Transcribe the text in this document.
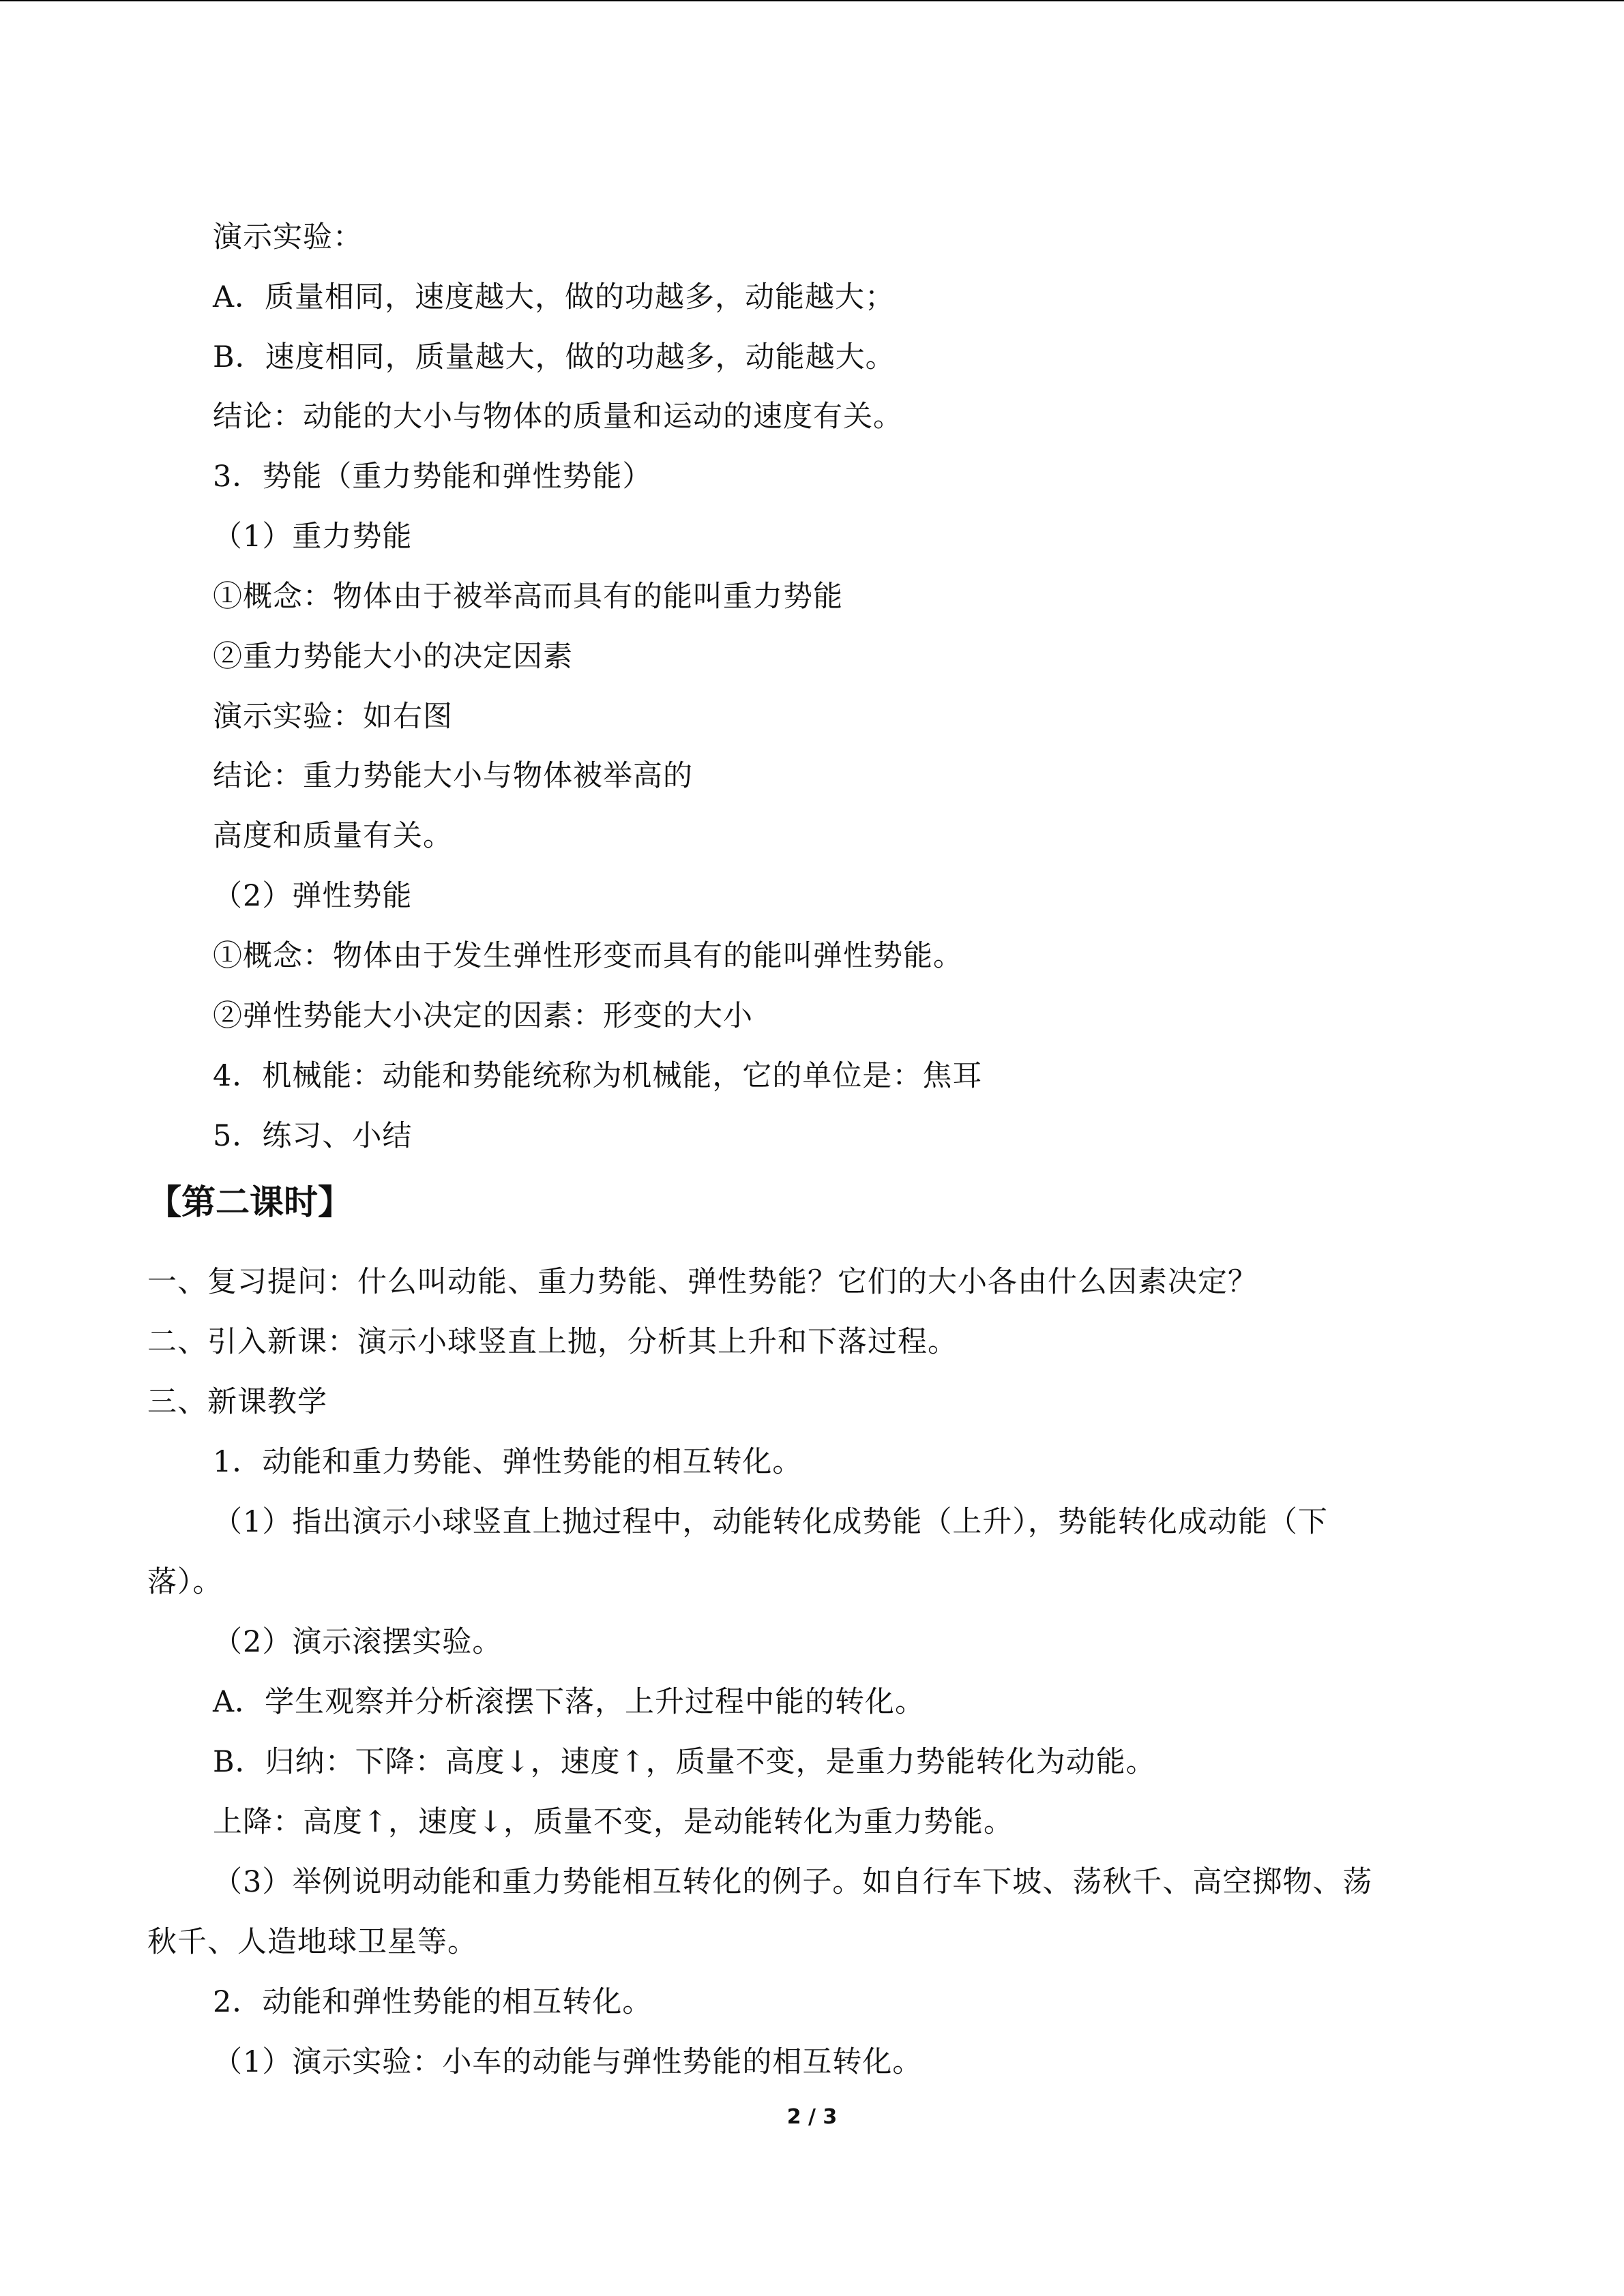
演示实验：
A．质量相同，速度越大，做的功越多，动能越大；
B．速度相同，质量越大，做的功越多，动能越大。
结论：动能的大小与物体的质量和运动的速度有关。
3．势能（重力势能和弹性势能）
（1）重力势能
①概念：物体由于被举高而具有的能叫重力势能
②重力势能大小的决定因素
演示实验：如右图
结论：重力势能大小与物体被举高的
高度和质量有关。
（2）弹性势能
①概念：物体由于发生弹性形变而具有的能叫弹性势能。
②弹性势能大小决定的因素：形变的大小
4．机械能：动能和势能统称为机械能，它的单位是：焦耳
5．练习、小结
【第二课时】
一、复习提问：什么叫动能、重力势能、弹性势能？它们的大小各由什么因素决定？
二、引入新课：演示小球竖直上抛，分析其上升和下落过程。
三、新课教学
1．动能和重力势能、弹性势能的相互转化。
（1）指出演示小球竖直上抛过程中，动能转化成势能（上升），势能转化成动能（下
落）。
（2）演示滚摆实验。
A．学生观察并分析滚摆下落，上升过程中能的转化。
B．归纳：下降：高度↓，速度↑，质量不变，是重力势能转化为动能。
上降：高度↑，速度↓，质量不变，是动能转化为重力势能。
（3）举例说明动能和重力势能相互转化的例子。如自行车下坡、荡秋千、高空掷物、荡
秋千、人造地球卫星等。
2．动能和弹性势能的相互转化。
（1）演示实验：小车的动能与弹性势能的相互转化。
2 / 3
